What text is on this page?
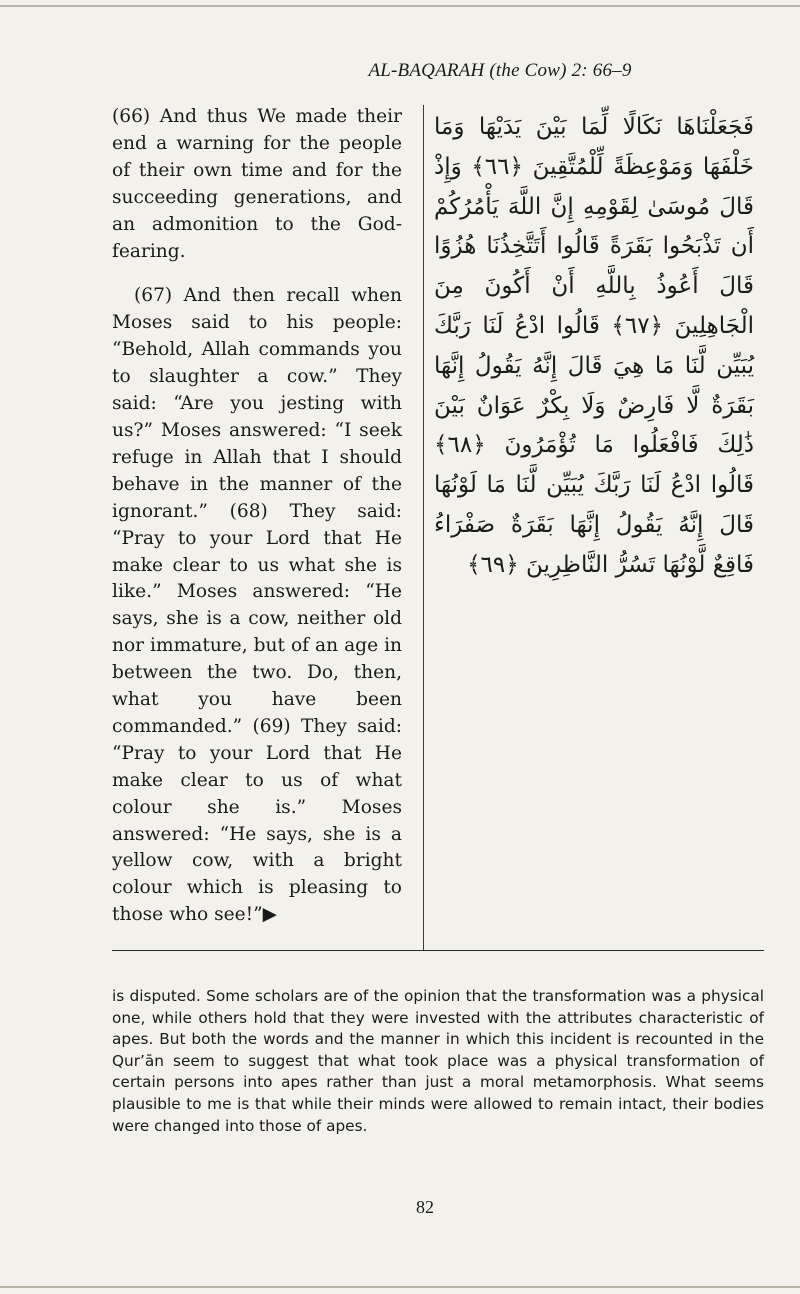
AL-BAQARAH (the Cow) 2: 66–9

(66) And thus We made their end a warning for the people of their own time and for the succeeding generations, and an admonition to the God-fearing.

(67) And then recall when Moses said to his people: “Behold, Allah commands you to slaughter a cow.” They said: “Are you jesting with us?” Moses answered: “I seek refuge in Allah that I should behave in the manner of the ignorant.” (68) They said: “Pray to your Lord that He make clear to us what she is like.” Moses answered: “He says, she is a cow, neither old nor immature, but of an age in between the two. Do, then, what you have been commanded.” (69) They said: “Pray to your Lord that He make clear to us of what colour she is.” Moses answered: “He says, she is a yellow cow, with a bright colour which is pleasing to those who see!”▶

فَجَعَلْنَاهَا نَكَالًا لِّمَا بَيْنَ يَدَيْهَا وَمَا خَلْفَهَا وَمَوْعِظَةً لِّلْمُتَّقِينَ ﴿٦٦﴾ وَإِذْ قَالَ مُوسَىٰ لِقَوْمِهِ إِنَّ اللَّهَ يَأْمُرُكُمْ أَن تَذْبَحُوا بَقَرَةً قَالُوا أَتَتَّخِذُنَا هُزُوًا قَالَ أَعُوذُ بِاللَّهِ أَنْ أَكُونَ مِنَ الْجَاهِلِينَ ﴿٦٧﴾ قَالُوا ادْعُ لَنَا رَبَّكَ يُبَيِّن لَّنَا مَا هِيَ قَالَ إِنَّهُ يَقُولُ إِنَّهَا بَقَرَةٌ لَّا فَارِضٌ وَلَا بِكْرٌ عَوَانٌ بَيْنَ ذَٰلِكَ فَافْعَلُوا مَا تُؤْمَرُونَ ﴿٦٨﴾ قَالُوا ادْعُ لَنَا رَبَّكَ يُبَيِّن لَّنَا مَا لَوْنُهَا قَالَ إِنَّهُ يَقُولُ إِنَّهَا بَقَرَةٌ صَفْرَاءُ فَاقِعٌ لَّوْنُهَا تَسُرُّ النَّاظِرِينَ ﴿٦٩﴾

is disputed. Some scholars are of the opinion that the transformation was a physical one, while others hold that they were invested with the attributes characteristic of apes. But both the words and the manner in which this incident is recounted in the Qur’ān seem to suggest that what took place was a physical transformation of certain persons into apes rather than just a moral metamorphosis. What seems plausible to me is that while their minds were allowed to remain intact, their bodies were changed into those of apes.

82
